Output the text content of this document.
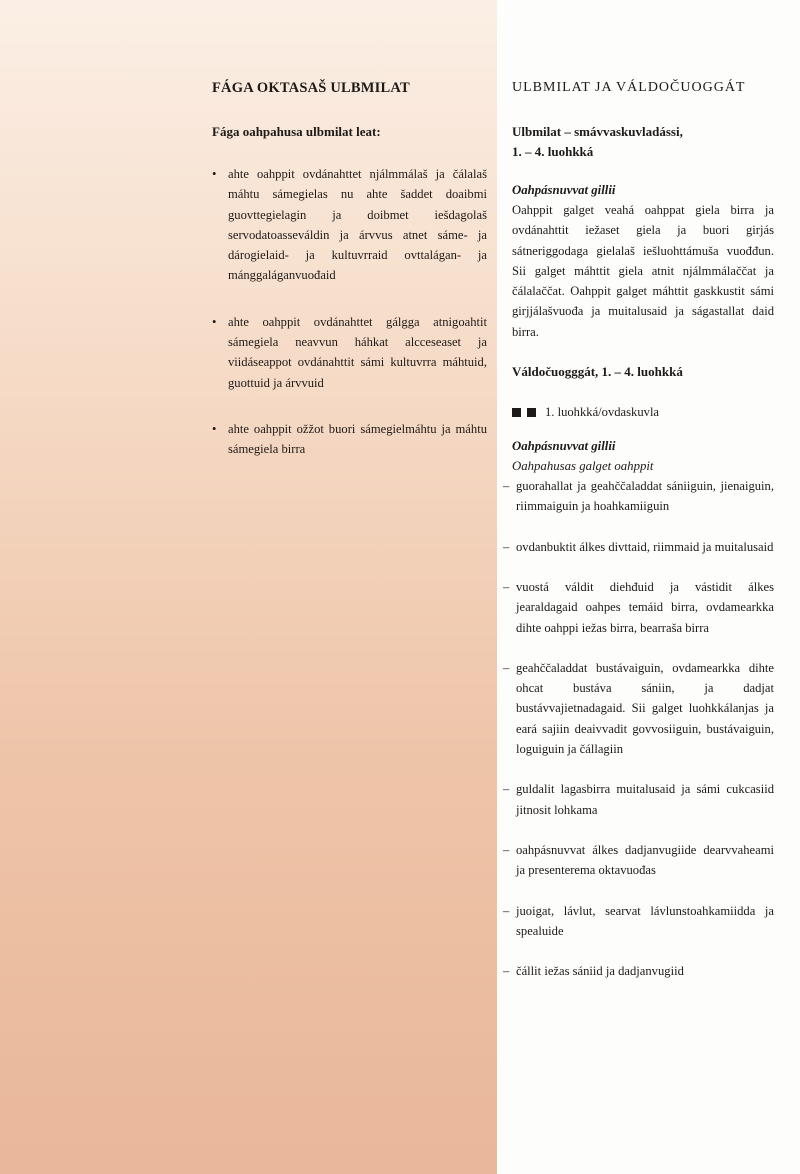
FÁGA OKTASAŠ ULBMILAT
Fága oahpahusa ulbmilat leat:
• ahte oahppit ovdánahttet njálmmálaš ja čálalaš máhtu sámegielas nu ahte šaddet doaibmi guovttegielagin ja doibmet iešdagolaš servodatoasseváldin ja árvvus atnet sáme- ja dárogielaid- ja kultuvrraid ovttalágan- ja mánggaláganvuođaid
• ahte oahppit ovdánahttet gálgga atnigoahtit sámegiela neavvun háhkat alcceseaset ja viidáseappot ovdánahttit sámi kultuvrra máhtuid, guottuid ja árvvuid
• ahte oahppit ožžot buori sámegielmáhtu ja máhtu sámegiela birra
ULBMILAT JA VÁLDOČUOGGÁT

Ulbmilat – smávvaskuvladássi,

1. – 4. luohkká

Oahpásnuvvat gillii
Oahppit galget veahá oahppat giela birra ja ovdánahttit iežaset giela ja buori girjás sátneriggodaga gielalaš iešluohttámuša vuođđun. Sii galget máhttit giela atnit njálmmálaččat ja čálalaččat. Oahppit galget máhttit gaskkustit sámi girjjálašvuođa ja muitalusaid ja ságastallat daid birra.

Váldočuogggát, 1. – 4. luohkká

1. luohkká/ovdaskuvla
Oahpásnuvvat gillii
Oahpahusas galget oahppit
– guorahallat ja geahččaladdat sániiguin, jienaiguin, riimmaiguin ja hoahkamiiguin
– ovdanbuktit álkes divttaid, riimmaid ja muitalusaid
– vuostá váldit diehđuid ja vástidit álkes jearaldagaid oahpes temáid birra, ovdamearkka dihte oahppi iežas birra, bearraša birra
– geahččaladdat bustávaiguin, ovdamearkka dihte ohcat bustáva sániin, ja dadjat bustávvajietnadagaid. Sii galget luohkkálanjas ja eará sajiin deaivvadit govvosiiguin, bustávaiguin, loguiguin ja čállagiin
– guldalit lagasbirra muitalusaid ja sámi cukcasiid jitnosit lohkama
– oahpásnuvvat álkes dadjanvugiide dearvvaheami ja presenterema oktavuođas
– juoigat, lávlut, searvat lávlunstoahkamiidda ja spealuide
– čállit iežas sániid ja dadjanvugiid
